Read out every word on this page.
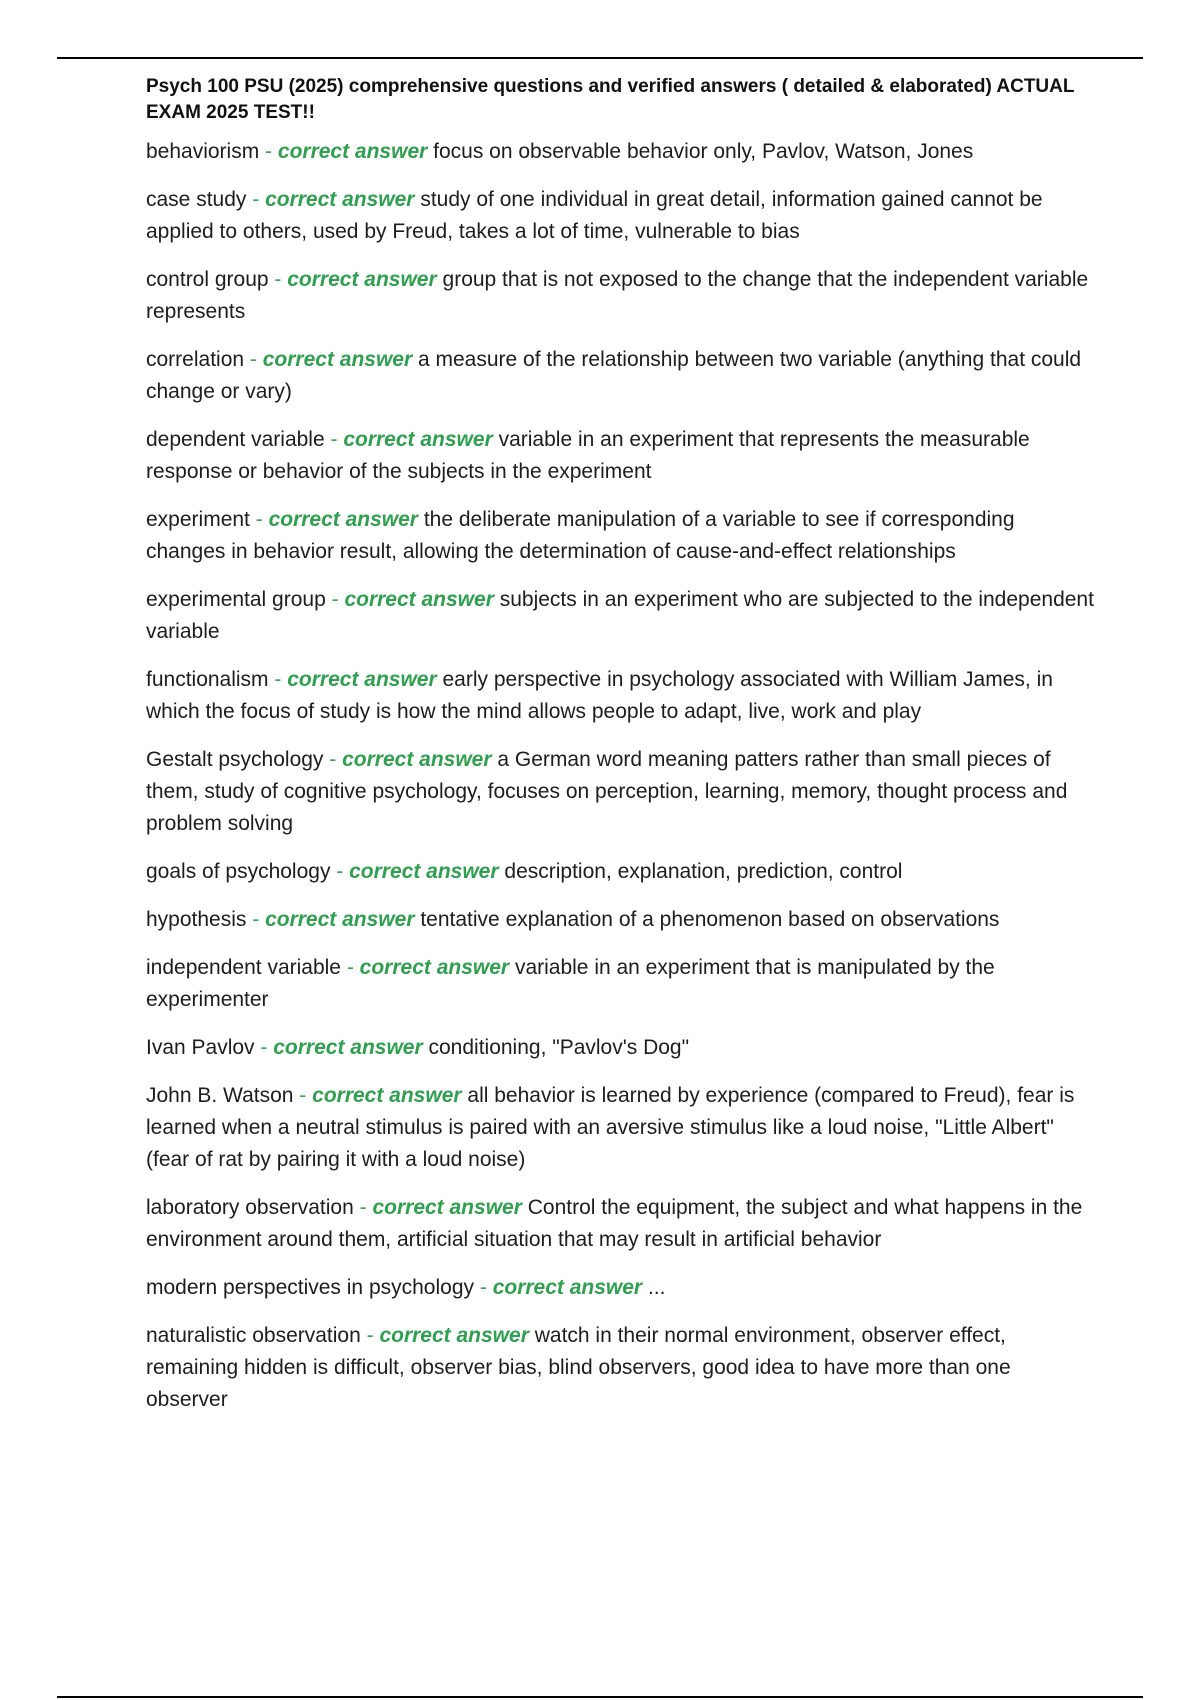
Psych 100 PSU (2025) comprehensive questions and verified answers ( detailed & elaborated) ACTUAL EXAM 2025 TEST!!

behaviorism - correct answer focus on observable behavior only, Pavlov, Watson, Jones

case study - correct answer study of one individual in great detail, information gained cannot be applied to others, used by Freud, takes a lot of time, vulnerable to bias

control group - correct answer group that is not exposed to the change that the independent variable represents

correlation - correct answer a measure of the relationship between two variable (anything that could change or vary)

dependent variable - correct answer variable in an experiment that represents the measurable response or behavior of the subjects in the experiment

experiment - correct answer the deliberate manipulation of a variable to see if corresponding changes in behavior result, allowing the determination of cause-and-effect relationships

experimental group - correct answer subjects in an experiment who are subjected to the independent variable

functionalism - correct answer early perspective in psychology associated with William James, in which the focus of study is how the mind allows people to adapt, live, work and play

Gestalt psychology - correct answer a German word meaning patters rather than small pieces of them, study of cognitive psychology, focuses on perception, learning, memory, thought process and problem solving

goals of psychology - correct answer description, explanation, prediction, control

hypothesis - correct answer tentative explanation of a phenomenon based on observations

independent variable - correct answer variable in an experiment that is manipulated by the experimenter

Ivan Pavlov - correct answer conditioning, "Pavlov's Dog"

John B. Watson - correct answer all behavior is learned by experience (compared to Freud), fear is learned when a neutral stimulus is paired with an aversive stimulus like a loud noise, "Little Albert" (fear of rat by pairing it with a loud noise)

laboratory observation - correct answer Control the equipment, the subject and what happens in the environment around them, artificial situation that may result in artificial behavior

modern perspectives in psychology - correct answer ...

naturalistic observation - correct answer watch in their normal environment, observer effect, remaining hidden is difficult, observer bias, blind observers, good idea to have more than one observer
